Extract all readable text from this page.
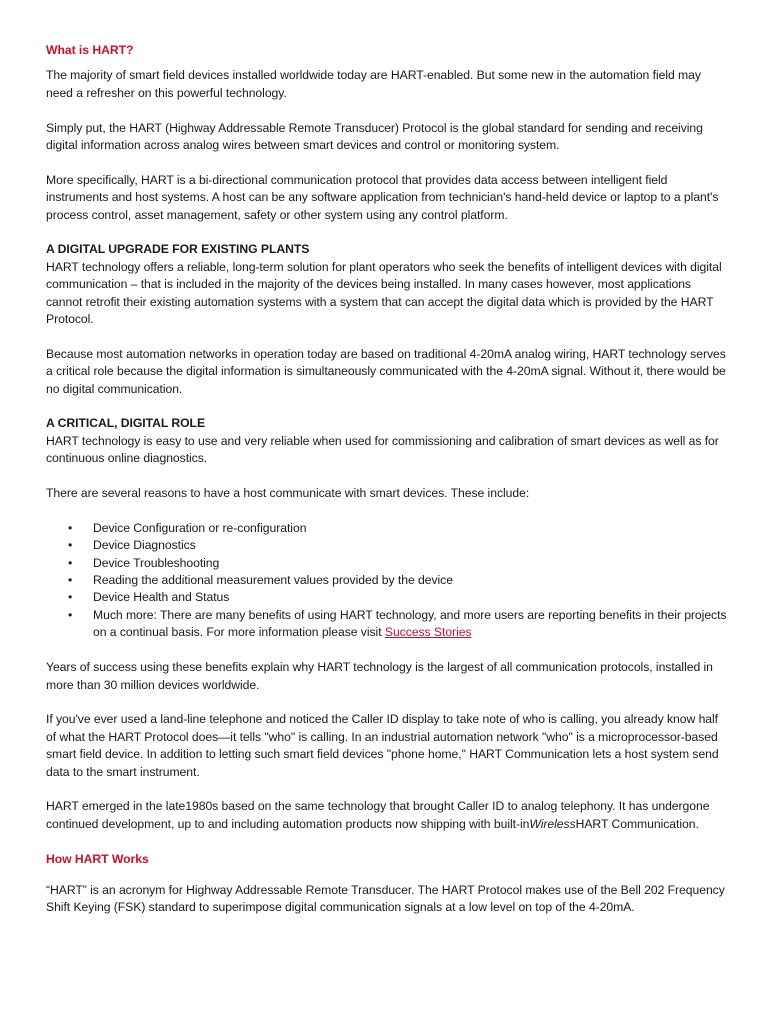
What is HART?

The majority of smart field devices installed worldwide today are HART-enabled. But some new in the automation field may need a refresher on this powerful technology.

Simply put, the HART (Highway Addressable Remote Transducer) Protocol is the global standard for sending and receiving digital information across analog wires between smart devices and control or monitoring system.

More specifically, HART is a bi-directional communication protocol that provides data access between intelligent field instruments and host systems. A host can be any software application from technician's hand-held device or laptop to a plant's process control, asset management, safety or other system using any control platform.

A DIGITAL UPGRADE FOR EXISTING PLANTS

HART technology offers a reliable, long-term solution for plant operators who seek the benefits of intelligent devices with digital communication – that is included in the majority of the devices being installed. In many cases however, most applications cannot retrofit their existing automation systems with a system that can accept the digital data which is provided by the HART Protocol.

Because most automation networks in operation today are based on traditional 4-20mA analog wiring, HART technology serves a critical role because the digital information is simultaneously communicated with the 4-20mA signal. Without it, there would be no digital communication.

A CRITICAL, DIGITAL ROLE

HART technology is easy to use and very reliable when used for commissioning and calibration of smart devices as well as for continuous online diagnostics.

There are several reasons to have a host communicate with smart devices. These include:

• Device Configuration or re-configuration
• Device Diagnostics
• Device Troubleshooting
• Reading the additional measurement values provided by the device
• Device Health and Status
• Much more: There are many benefits of using HART technology, and more users are reporting benefits in their projects on a continual basis. For more information please visit Success Stories

Years of success using these benefits explain why HART technology is the largest of all communication protocols, installed in more than 30 million devices worldwide.

If you've ever used a land-line telephone and noticed the Caller ID display to take note of who is calling, you already know half of what the HART Protocol does—it tells "who" is calling. In an industrial automation network "who" is a microprocessor-based smart field device. In addition to letting such smart field devices "phone home," HART Communication lets a host system send data to the smart instrument.

HART emerged in the late1980s based on the same technology that brought Caller ID to analog telephony. It has undergone continued development, up to and including automation products now shipping with built-inWirelessHART Communication.

How HART Works

“HART” is an acronym for Highway Addressable Remote Transducer. The HART Protocol makes use of the Bell 202 Frequency Shift Keying (FSK) standard to superimpose digital communication signals at a low level on top of the 4-20mA.
